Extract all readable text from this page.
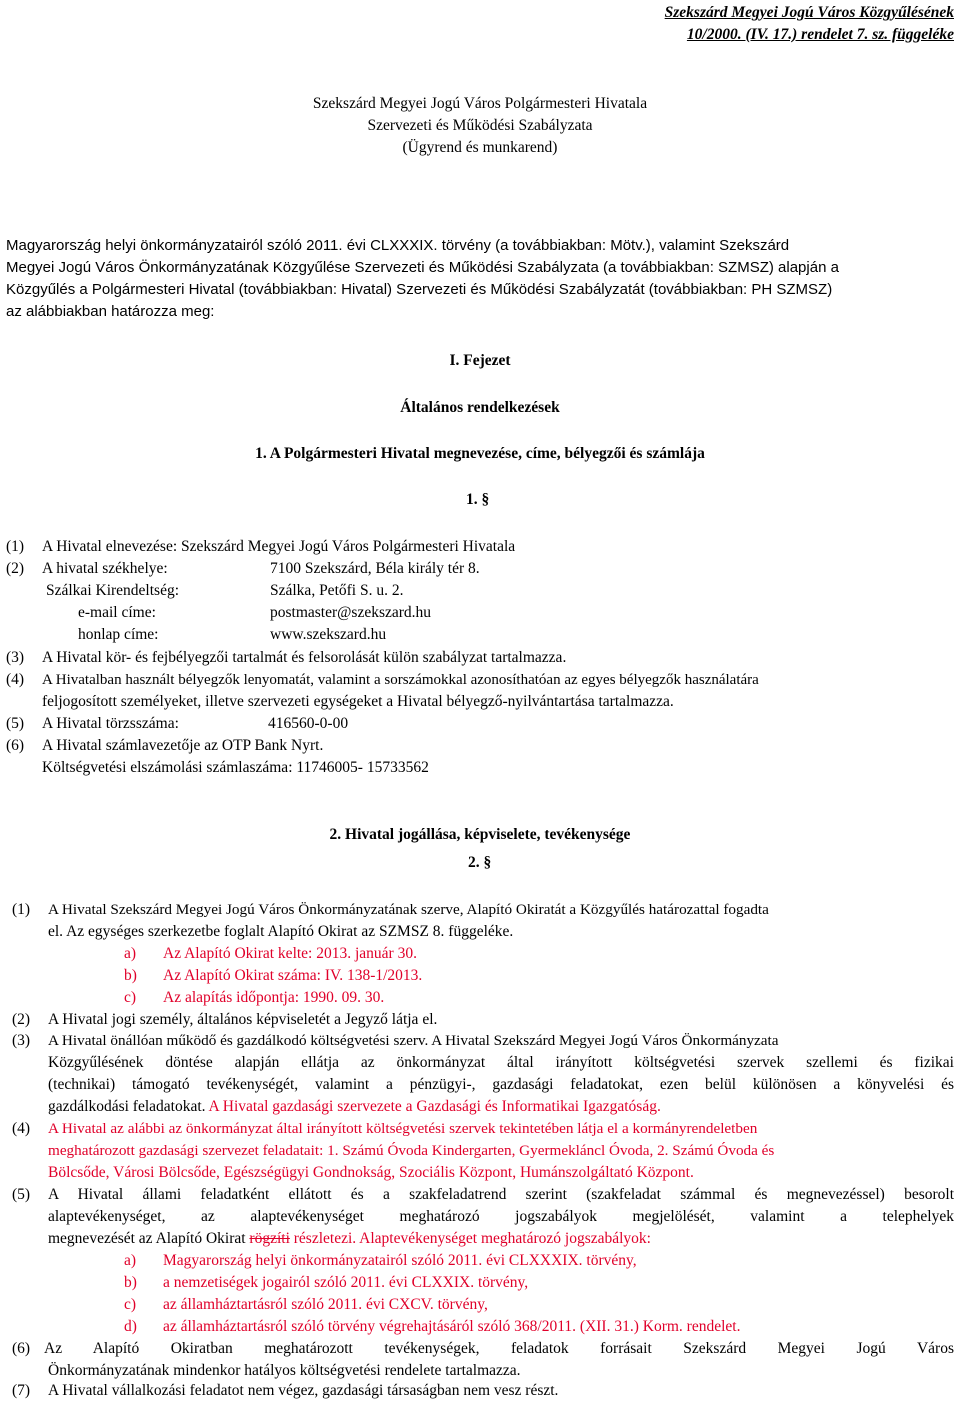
Szekszárd Megyei Jogú Város Közgyűlésének
10/2000. (IV. 17.) rendelet 7. sz. függeléke
Szekszárd Megyei Jogú Város Polgármesteri Hivatala
Szervezeti és Működési Szabályzata
(Ügyrend és munkarend)
Magyarország helyi önkormányzatairól szóló 2011. évi CLXXXIX. törvény (a továbbiakban: Mötv.), valamint Szekszárd
Megyei Jogú Város Önkormányzatának Közgyűlése Szervezeti és Működési Szabályzata (a továbbiakban: SZMSZ) alapján a
Közgyűlés a Polgármesteri Hivatal (továbbiakban: Hivatal) Szervezeti és Működési Szabályzatát (továbbiakban: PH SZMSZ)
az alábbiakban határozza meg:
I. Fejezet
Általános rendelkezések
1. A Polgármesteri Hivatal megnevezése, címe, bélyegzői és számlája
1. §
(1) A Hivatal elnevezése: Szekszárd Megyei Jogú Város Polgármesteri Hivatala
(2) A hivatal székhelye:	7100 Szekszárd, Béla király tér 8.
Szálkai Kirendeltség:	Szálka, Petőfi S. u. 2.
e-mail címe:	postmaster@szekszard.hu
honlap címe:	www.szekszard.hu
(3) A Hivatal kör- és fejbélyegzői tartalmát és felsorolását külön szabályzat tartalmazza.
(4) A Hivatalban használt bélyegzők lenyomatát, valamint a sorszámokkal azonosíthatóan az egyes bélyegzők használatára
feljogosított személyeket, illetve szervezeti egységeket a Hivatal bélyegző-nyilvántartása tartalmazza.
(5) A Hivatal törzsszáma:	416560-0-00
(6) A Hivatal számlavezetője az OTP Bank Nyrt.
Költségvetési elszámolási számlaszáma: 11746005- 15733562
2. Hivatal jogállása, képviselete, tevékenysége
2. §
(1) A Hivatal Szekszárd Megyei Jogú Város Önkormányzatának szerve, Alapító Okiratát a Közgyűlés határozattal fogadta
el. Az egységes szerkezetbe foglalt Alapító Okirat az SZMSZ 8. függeléke.
a) Az Alapító Okirat kelte: 2013. január 30.
b) Az Alapító Okirat száma: IV. 138-1/2013.
c) Az alapítás időpontja: 1990. 09. 30.
(2) A Hivatal jogi személy, általános képviseletét a Jegyző látja el.
(3) A Hivatal önállóan működő és gazdálkodó költségvetési szerv. A Hivatal Szekszárd Megyei Jogú Város Önkormányzata
Közgyűlésének döntése alapján ellátja az önkormányzat által irányított költségvetési szervek szellemi és fizikai
(technikai) támogató tevékenységét, valamint a pénzügyi-, gazdasági feladatokat, ezen belül különösen a könyvelési és
gazdálkodási feladatokat. A Hivatal gazdasági szervezete a Gazdasági és Informatikai Igazgatóság.
(4) A Hivatal az alábbi az önkormányzat által irányított költségvetési szervek tekintetében látja el a kormányrendeletben
meghatározott gazdasági szervezet feladatait: 1. Számú Óvoda Kindergarten, Gyermekláncl Óvoda, 2. Számú Óvoda és
Bölcsőde, Városi Bölcsőde, Egészségügyi Gondnokság, Szociális Központ, Humánszolgáltató Központ.
(5) A Hivatal állami feladatként ellátott és a szakfeladatrend szerint (szakfeladat számmal és megnevezéssel) besorolt
alaptevékenységet, az alaptevékenységet meghatározó jogszabályok megjelölését, valamint a telephelyek
megnevezését az Alapító Okirat rögzíti részletezi. Alaptevékenységet meghatározó jogszabályok:
a) Magyarország helyi önkormányzatairól szóló 2011. évi CLXXXIX. törvény,
b) a nemzetiségek jogairól szóló 2011. évi CLXXIX. törvény,
c) az államháztartásról szóló 2011. évi CXCV. törvény,
d) az államháztartásról szóló törvény végrehajtásáról szóló 368/2011. (XII. 31.) Korm. rendelet.
(6) Az   Alapító   Okiratban   meghatározott   tevékenységek,   feladatok   forrásait   Szekszárd   Megyei   Jogú   Város
Önkormányzatának mindenkor hatályos költségvetési rendelete tartalmazza.
(7) A Hivatal vállalkozási feladatot nem végez, gazdasági társaságban nem vesz részt.
